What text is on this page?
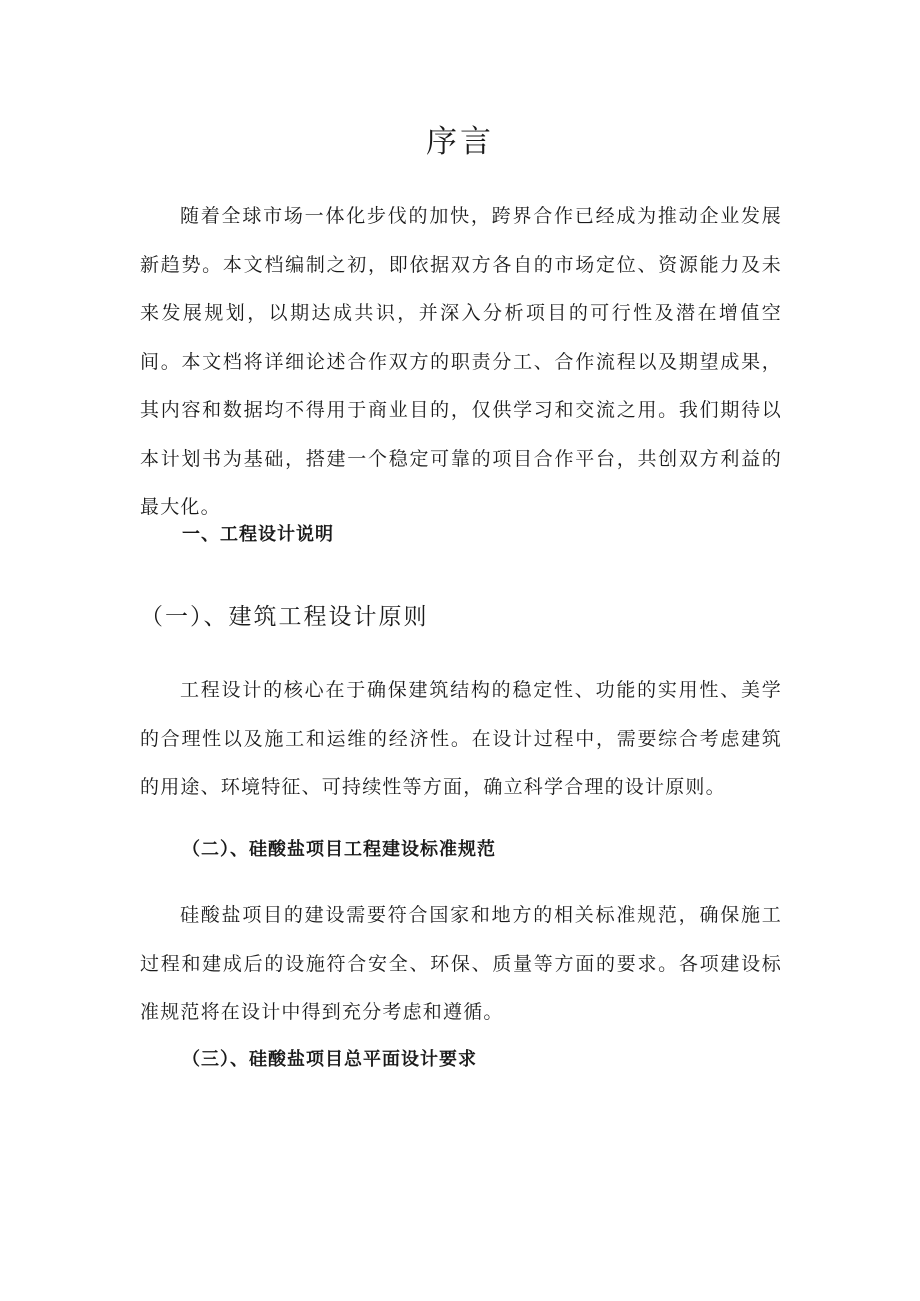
序言

随着全球市场一体化步伐的加快，跨界合作已经成为推动企业发展新趋势。本文档编制之初，即依据双方各自的市场定位、资源能力及未来发展规划，以期达成共识，并深入分析项目的可行性及潜在增值空间。本文档将详细论述合作双方的职责分工、合作流程以及期望成果，其内容和数据均不得用于商业目的，仅供学习和交流之用。我们期待以本计划书为基础，搭建一个稳定可靠的项目合作平台，共创双方利益的最大化。

一、工程设计说明
（一）、建筑工程设计原则

工程设计的核心在于确保建筑结构的稳定性、功能的实用性、美学的合理性以及施工和运维的经济性。在设计过程中，需要综合考虑建筑的用途、环境特征、可持续性等方面，确立科学合理的设计原则。

（二）、硅酸盐项目工程建设标准规范

硅酸盐项目的建设需要符合国家和地方的相关标准规范，确保施工过程和建成后的设施符合安全、环保、质量等方面的要求。各项建设标准规范将在设计中得到充分考虑和遵循。

（三）、硅酸盐项目总平面设计要求
